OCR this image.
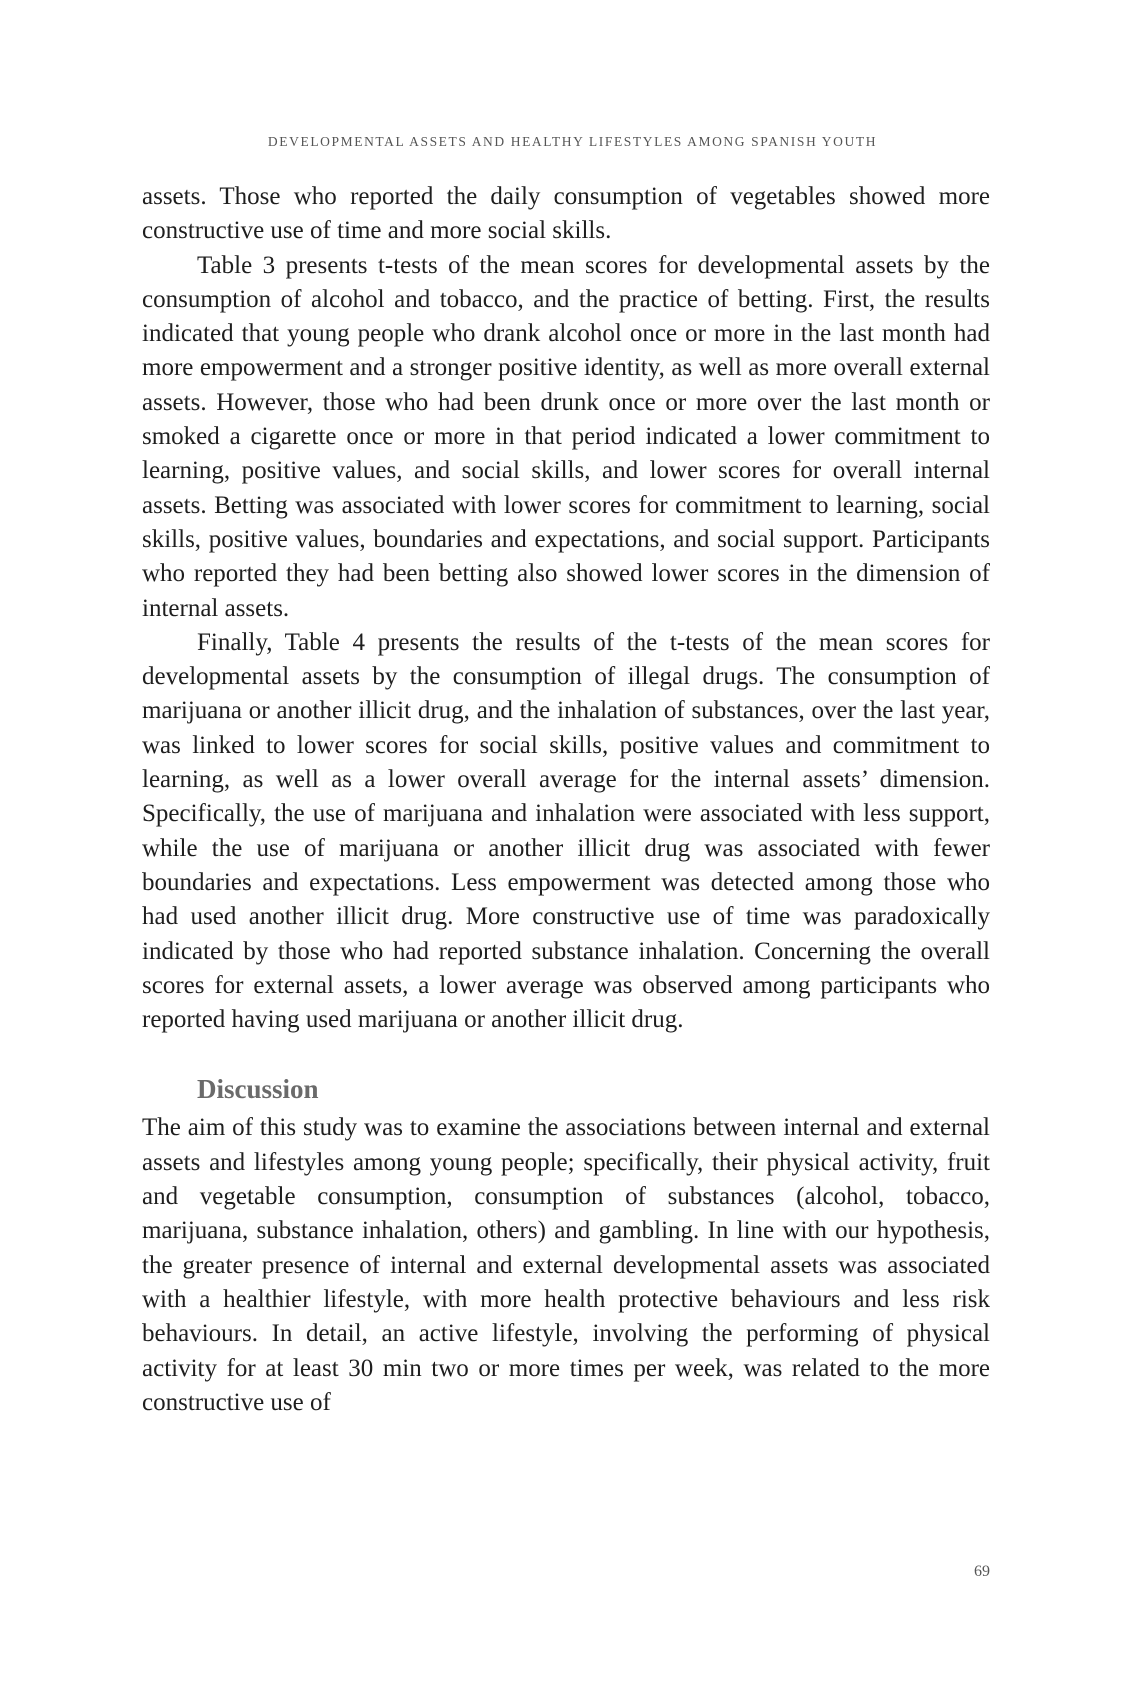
DEVELOPMENTAL ASSETS AND HEALTHY LIFESTYLES AMONG SPANISH YOUTH

assets. Those who reported the daily consumption of vegetables showed more constructive use of time and more social skills.

Table 3 presents t-tests of the mean scores for developmental assets by the consumption of alcohol and tobacco, and the practice of betting. First, the results indicated that young people who drank alcohol once or more in the last month had more empowerment and a stronger positive identity, as well as more overall external assets. However, those who had been drunk once or more over the last month or smoked a cigarette once or more in that period indicated a lower commitment to learning, positive values, and social skills, and lower scores for overall internal assets. Betting was associated with lower scores for commitment to learning, social skills, positive values, boundaries and expectations, and social support. Participants who reported they had been betting also showed lower scores in the dimension of internal assets.

Finally, Table 4 presents the results of the t-tests of the mean scores for developmental assets by the consumption of illegal drugs. The consumption of marijuana or another illicit drug, and the inhalation of substances, over the last year, was linked to lower scores for social skills, positive values and commitment to learning, as well as a lower overall average for the internal assets’ dimension. Specifically, the use of marijuana and inhalation were associated with less support, while the use of marijuana or another illicit drug was associated with fewer boundaries and expectations. Less empowerment was detected among those who had used another illicit drug. More constructive use of time was paradoxically indicated by those who had reported substance inhalation. Concerning the overall scores for external assets, a lower average was observed among participants who reported having used marijuana or another illicit drug.

Discussion

The aim of this study was to examine the associations between internal and external assets and lifestyles among young people; specifically, their physical activity, fruit and vegetable consumption, consumption of substances (alcohol, tobacco, marijuana, substance inhalation, others) and gambling. In line with our hypothesis, the greater presence of internal and external developmental assets was associated with a healthier lifestyle, with more health protective behaviours and less risk behaviours. In detail, an active lifestyle, involving the performing of physical activity for at least 30 min two or more times per week, was related to the more constructive use of

69
